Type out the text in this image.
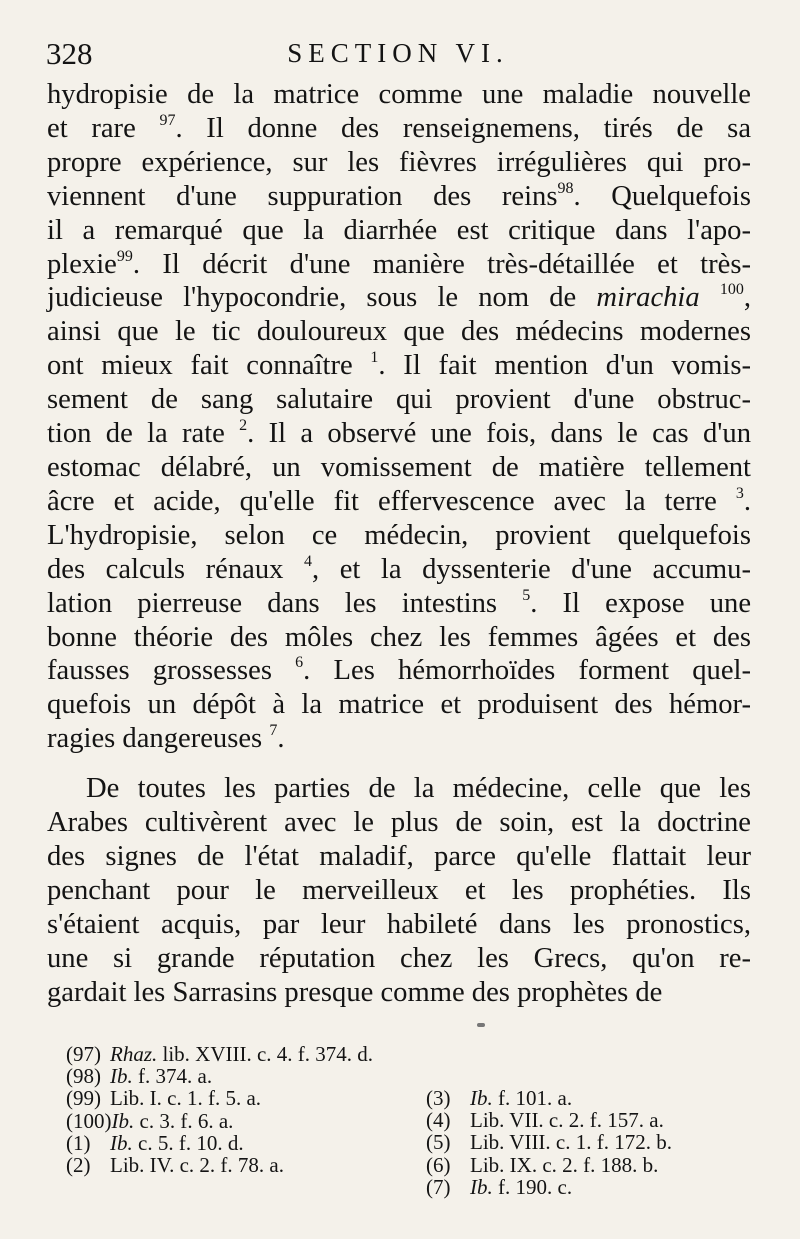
328	SECTION VI.
hydropisie de la matrice comme une maladie nouvelle
et rare $^{97}$. Il donne des renseignemens, tirés de sa
propre expérience, sur les fièvres irrégulières qui pro-
viennent d'une suppuration des reins$^{98}$. Quelquefois
il a remarqué que la diarrhée est critique dans l'apo-
plexie$^{99}$. Il décrit d'une manière très-détaillée et très-
judicieuse l'hypocondrie, sous le nom de mirachia $^{100}$,
ainsi que le tic douloureux que des médecins modernes
ont mieux fait connaître $^1$. Il fait mention d'un vomis-
sement de sang salutaire qui provient d'une obstruc-
tion de la rate $^2$. Il a observé une fois, dans le cas d'un
estomac délabré, un vomissement de matière tellement
âcre et acide, qu'elle fit effervescence avec la terre $^3$.
L'hydropisie, selon ce médecin, provient quelquefois
des calculs rénaux $^4$, et la dyssenterie d'une accumu-
lation pierreuse dans les intestins $^5$. Il expose une
bonne théorie des môles chez les femmes âgées et des
fausses grossesses $^6$. Les hémorrhoïdes forment quel-
quefois un dépôt à la matrice et produisent des hémor-
ragies dangereuses $^7$.
De toutes les parties de la médecine, celle que les
Arabes cultivèrent avec le plus de soin, est la doctrine
des signes de l'état maladif, parce qu'elle flattait leur
penchant pour le merveilleux et les prophéties. Ils
s'étaient acquis, par leur habileté dans les pronostics,
une si grande réputation chez les Grecs, qu'on re-
gardait les Sarrasins presque comme des prophètes de
(97) Rhaz. lib. XVIII. c. 4. f. 374. d.
(98) Ib. f. 374. a.
(99) Lib. I. c. 1. f. 5. a.
(100)Ib. c. 3. f. 6. a.
(1) Ib. c. 5. f. 10. d.
(2) Lib. IV. c. 2. f. 78. a.
(3) Ib. f. 101. a.
(4) Lib. VII. c. 2. f. 157. a.
(5) Lib. VIII. c. 1. f. 172. b.
(6) Lib. IX. c. 2. f. 188. b.
(7) Ib. f. 190. c.
